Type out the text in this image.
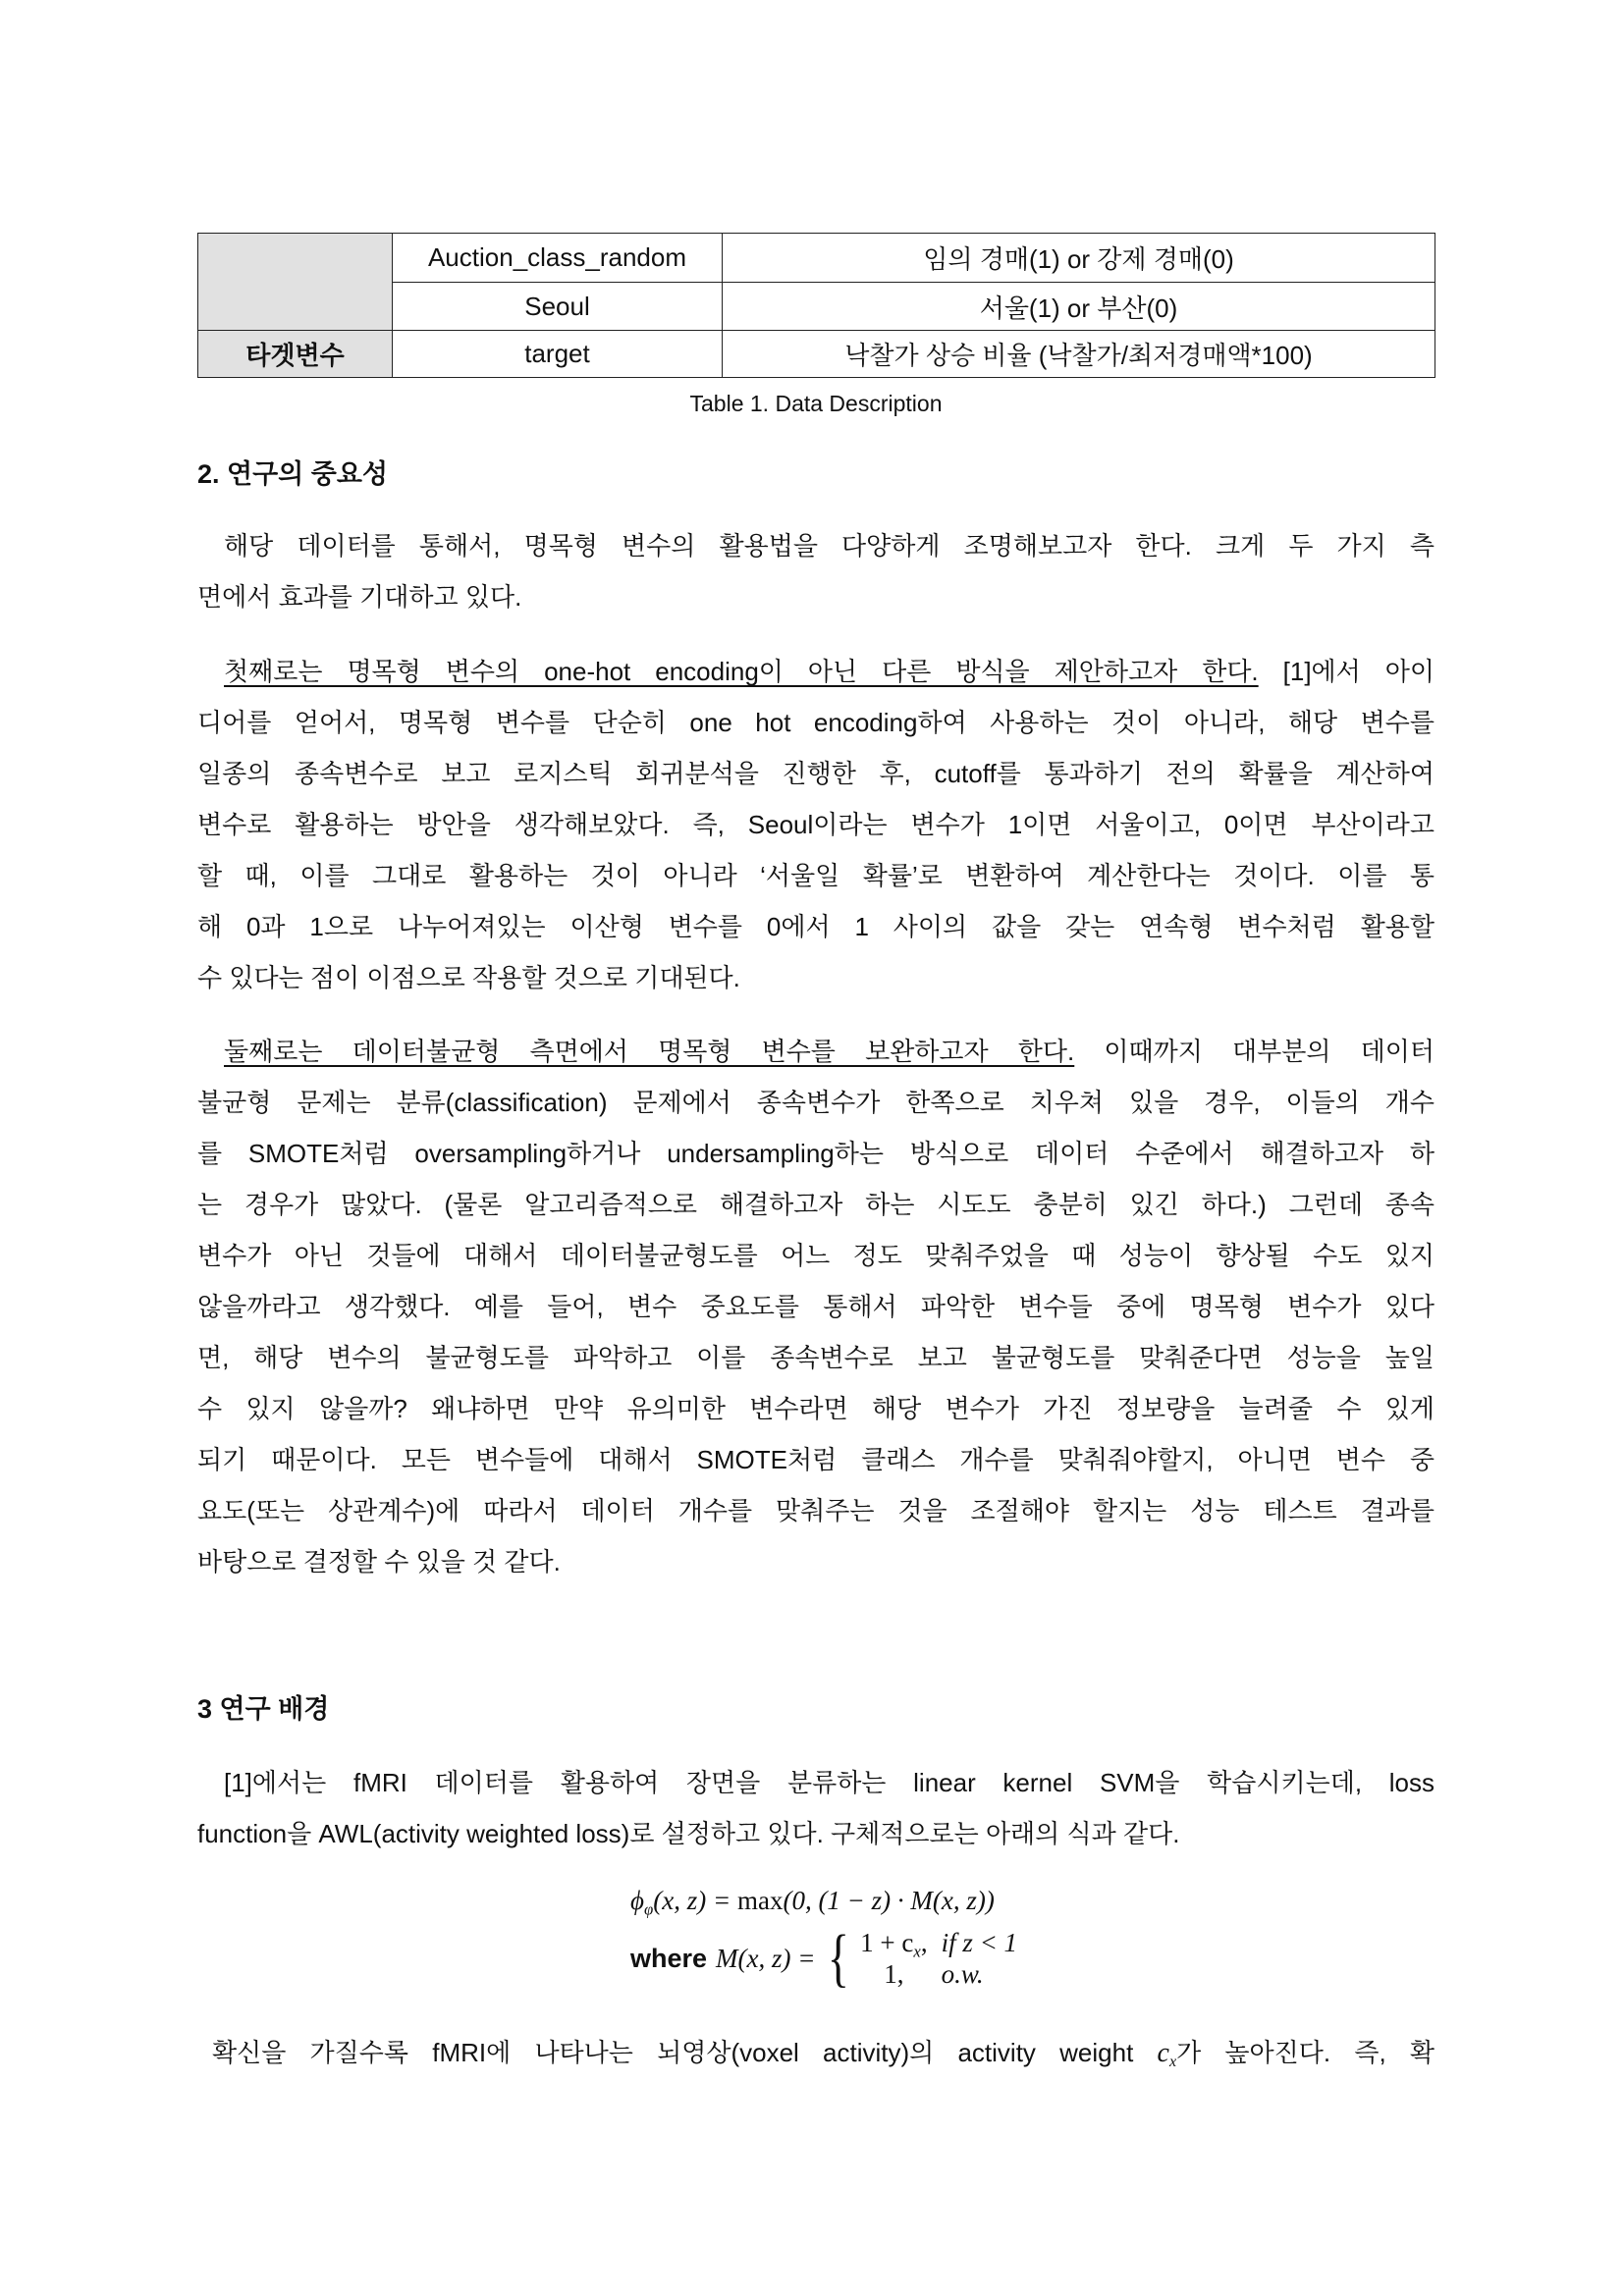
	Auction_class_random	임의 경매(1) or 강제 경매(0)
	Seoul	서울(1) or 부산(0)
타겟변수	target	낙찰가 상승 비율 (낙찰가/최저경매액*100)
Table 1. Data Description
2. 연구의 중요성
해당 데이터를 통해서, 명목형 변수의 활용법을 다양하게 조명해보고자 한다. 크게 두 가지 측
면에서 효과를 기대하고 있다.
첫째로는 명목형 변수의 one-hot encoding이 아닌 다른 방식을 제안하고자 한다. [1]에서 아이
디어를 얻어서, 명목형 변수를 단순히 one hot encoding하여 사용하는 것이 아니라, 해당 변수를
일종의 종속변수로 보고 로지스틱 회귀분석을 진행한 후, cutoff를 통과하기 전의 확률을 계산하여
변수로 활용하는 방안을 생각해보았다. 즉, Seoul이라는 변수가 1이면 서울이고, 0이면 부산이라고
할 때, 이를 그대로 활용하는 것이 아니라 ‘서울일 확률’로 변환하여 계산한다는 것이다. 이를 통
해 0과 1으로 나누어져있는 이산형 변수를 0에서 1 사이의 값을 갖는 연속형 변수처럼 활용할
수 있다는 점이 이점으로 작용할 것으로 기대된다.
둘째로는 데이터불균형 측면에서 명목형 변수를 보완하고자 한다. 이때까지 대부분의 데이터
불균형 문제는 분류(classification) 문제에서 종속변수가 한쪽으로 치우쳐 있을 경우, 이들의 개수
를 SMOTE처럼 oversampling하거나 undersampling하는 방식으로 데이터 수준에서 해결하고자 하
는 경우가 많았다. (물론 알고리즘적으로 해결하고자 하는 시도도 충분히 있긴 하다.) 그런데 종속
변수가 아닌 것들에 대해서 데이터불균형도를 어느 정도 맞춰주었을 때 성능이 향상될 수도 있지
않을까라고 생각했다. 예를 들어, 변수 중요도를 통해서 파악한 변수들 중에 명목형 변수가 있다
면, 해당 변수의 불균형도를 파악하고 이를 종속변수로 보고 불균형도를 맞춰준다면 성능을 높일
수 있지 않을까? 왜냐하면 만약 유의미한 변수라면 해당 변수가 가진 정보량을 늘려줄 수 있게
되기 때문이다. 모든 변수들에 대해서 SMOTE처럼 클래스 개수를 맞춰줘야할지, 아니면 변수 중
요도(또는 상관계수)에 따라서 데이터 개수를 맞춰주는 것을 조절해야 할지는 성능 테스트 결과를
바탕으로 결정할 수 있을 것 같다.
3 연구 배경
[1]에서는 fMRI 데이터를 활용하여 장면을 분류하는 linear kernel SVM을 학습시키는데, loss
function을 AWL(activity weighted loss)로 설정하고 있다. 구체적으로는 아래의 식과 같다.
$\phi_\varphi(x$, z) = max(0, (1 − z) · M(x, z))
where M(x, z) = { $1 + c_x$, if z < 1
1,	o.w.
확신을 가질수록 fMRI에 나타나는 뇌영상(voxel activity)의 activity weight $c_x$가 높아진다. 즉, 확
